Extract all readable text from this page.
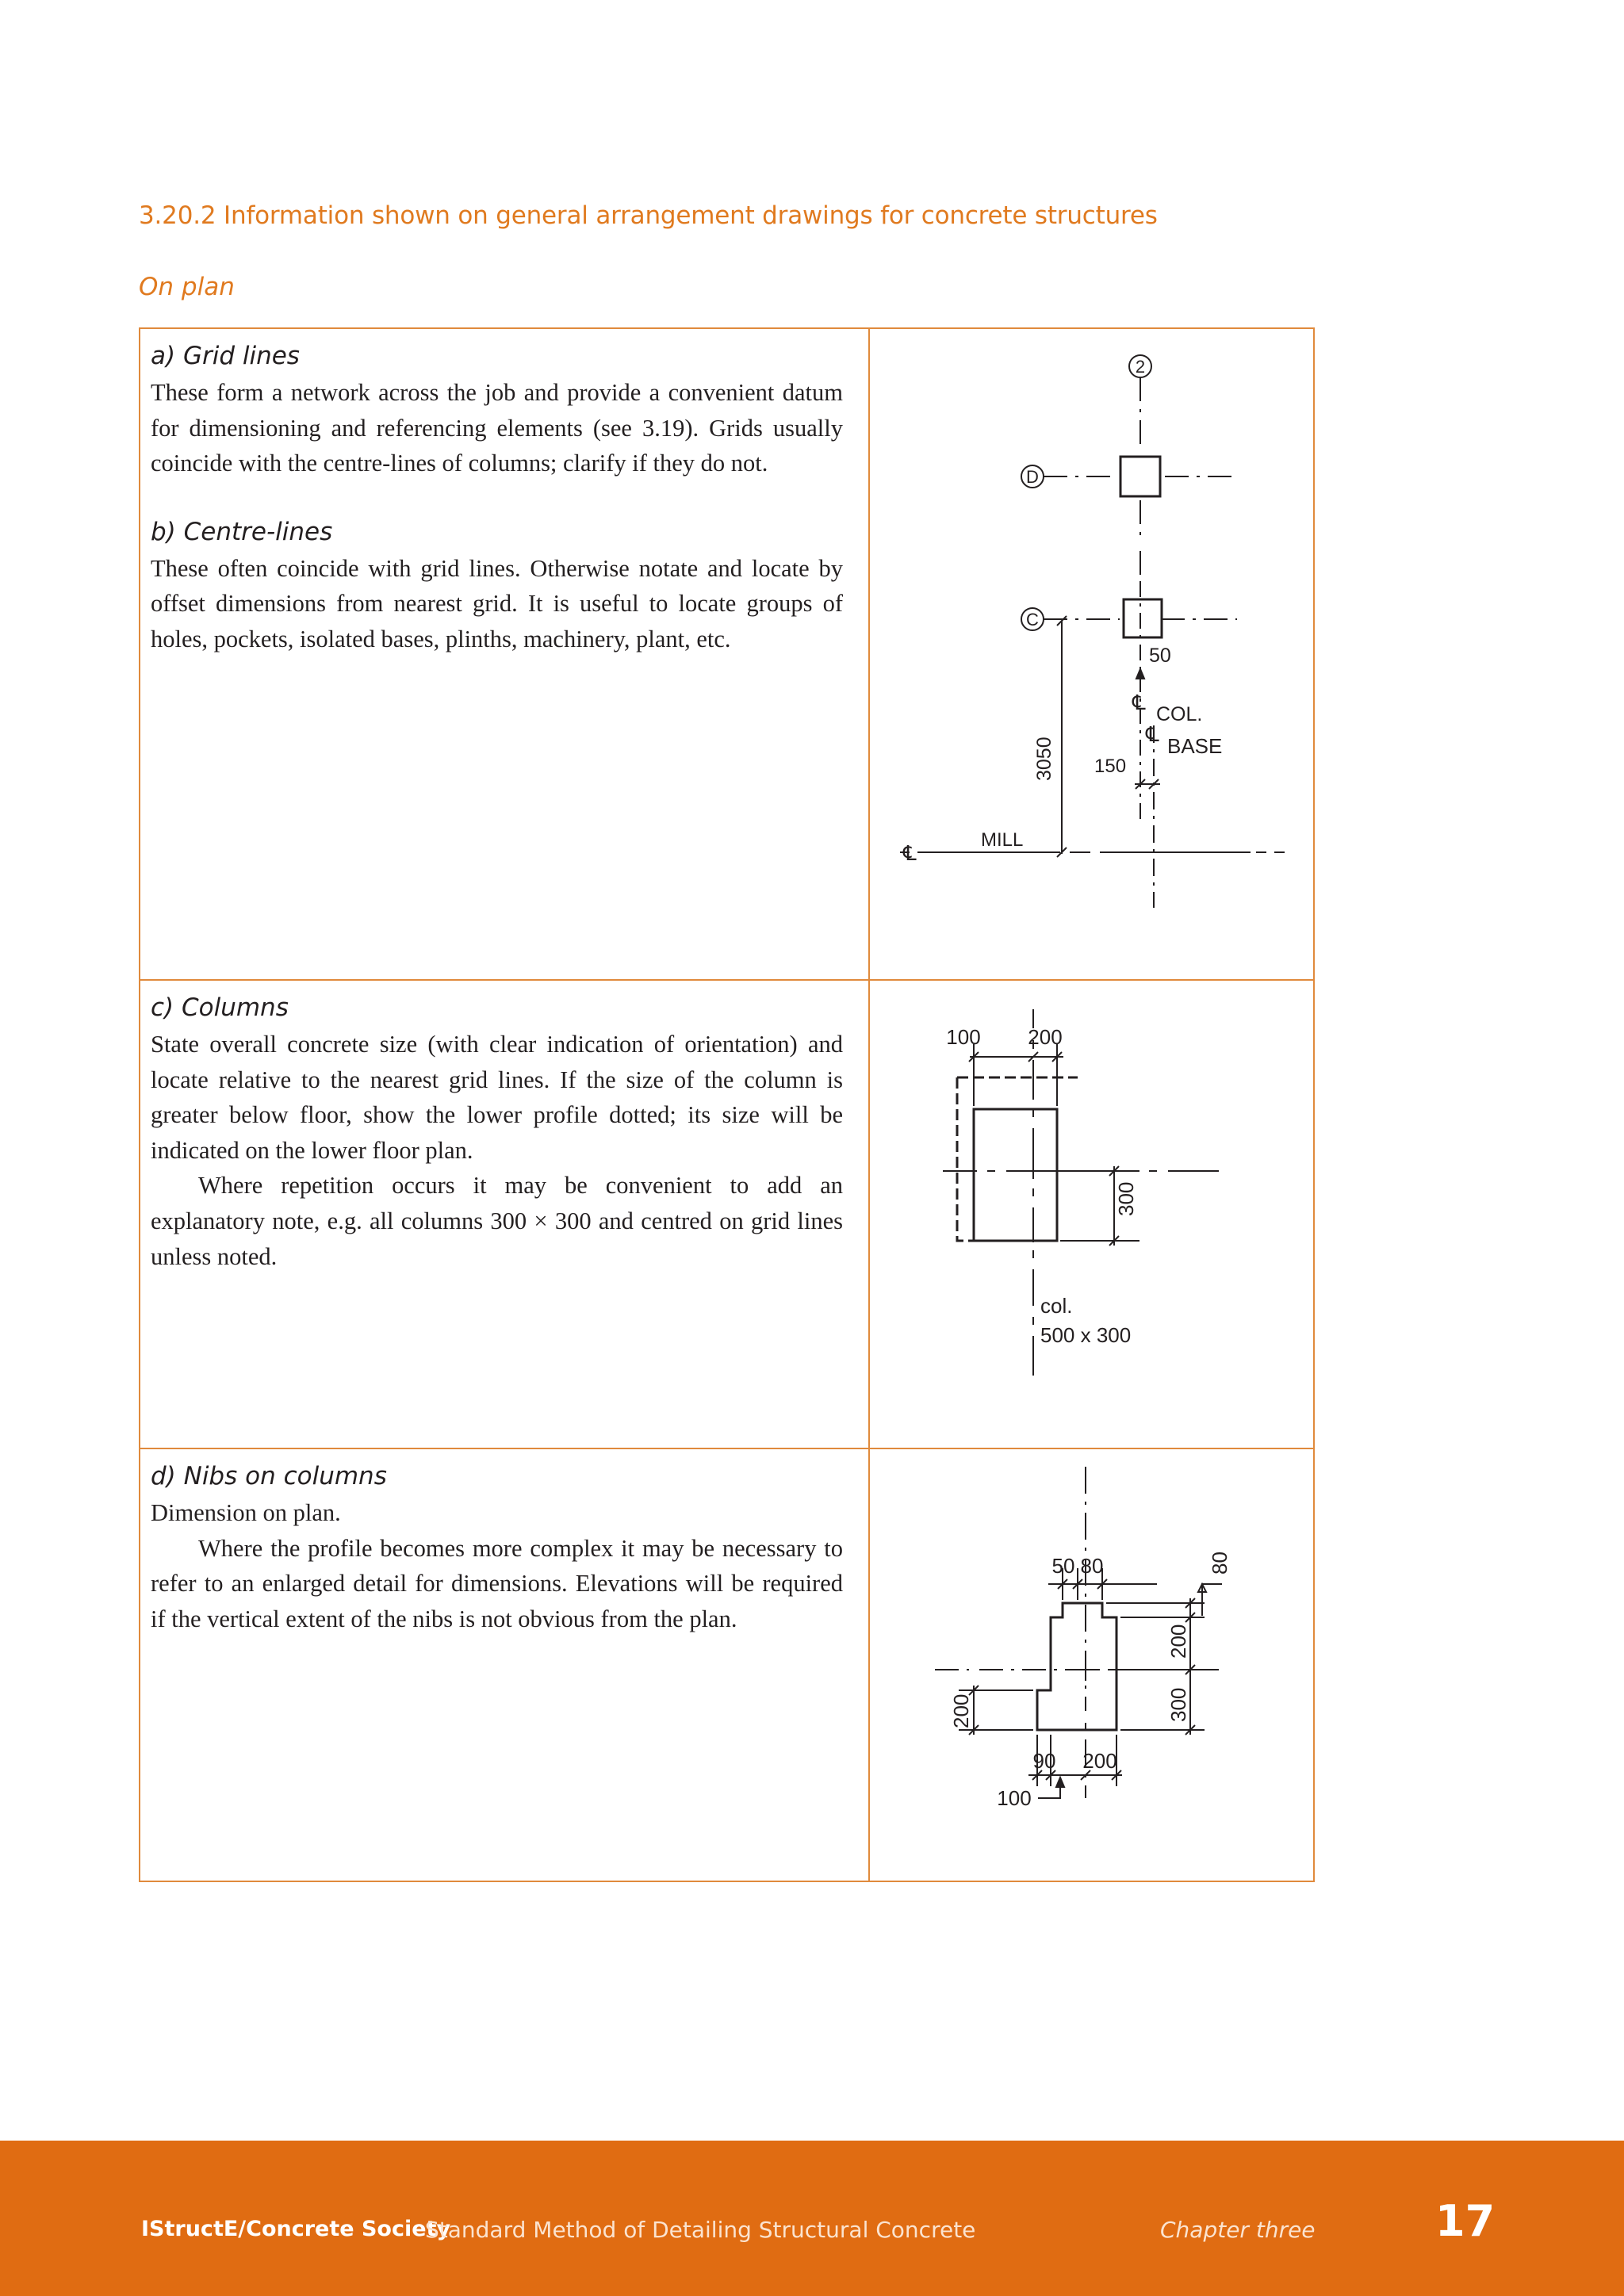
3.20.2 Information shown on general arrangement drawings for concrete structures
On plan
a) Grid lines

These form a network across the job and provide a convenient datum for dimensioning and referencing elements (see 3.19). Grids usually coincide with the centre-lines of columns; clarify if they do not.

b) Centre-lines

These often coincide with grid lines. Otherwise notate and locate by offset dimensions from nearest grid. It is useful to locate groups of holes, pockets, isolated bases, plinths, machinery, plant, etc.

c) Columns

State overall concrete size (with clear indication of orientation) and locate relative to the nearest grid lines. If the size of the column is greater below floor, show the lower profile dotted; its size will be indicated on the lower floor plan.

Where repetition occurs it may be convenient to add an explanatory note, e.g. all columns 300 × 300 and centred on grid lines unless noted.

d) Nibs on columns

Dimension on plan.

Where the profile becomes more complex it may be necessary to refer to an enlarged detail for dimensions. Elevations will be required if the vertical extent of the nibs is not obvious from the plan.

2
D
C
50
℄ COL.
℄ BASE
150
3050
℄
MILL
100 200
300
col.
500 x 300
50 80	80
200
300
200
90 200
100
IStructE/Concrete Society
Standard Method of Detailing Structural Concrete	Chapter three	17
